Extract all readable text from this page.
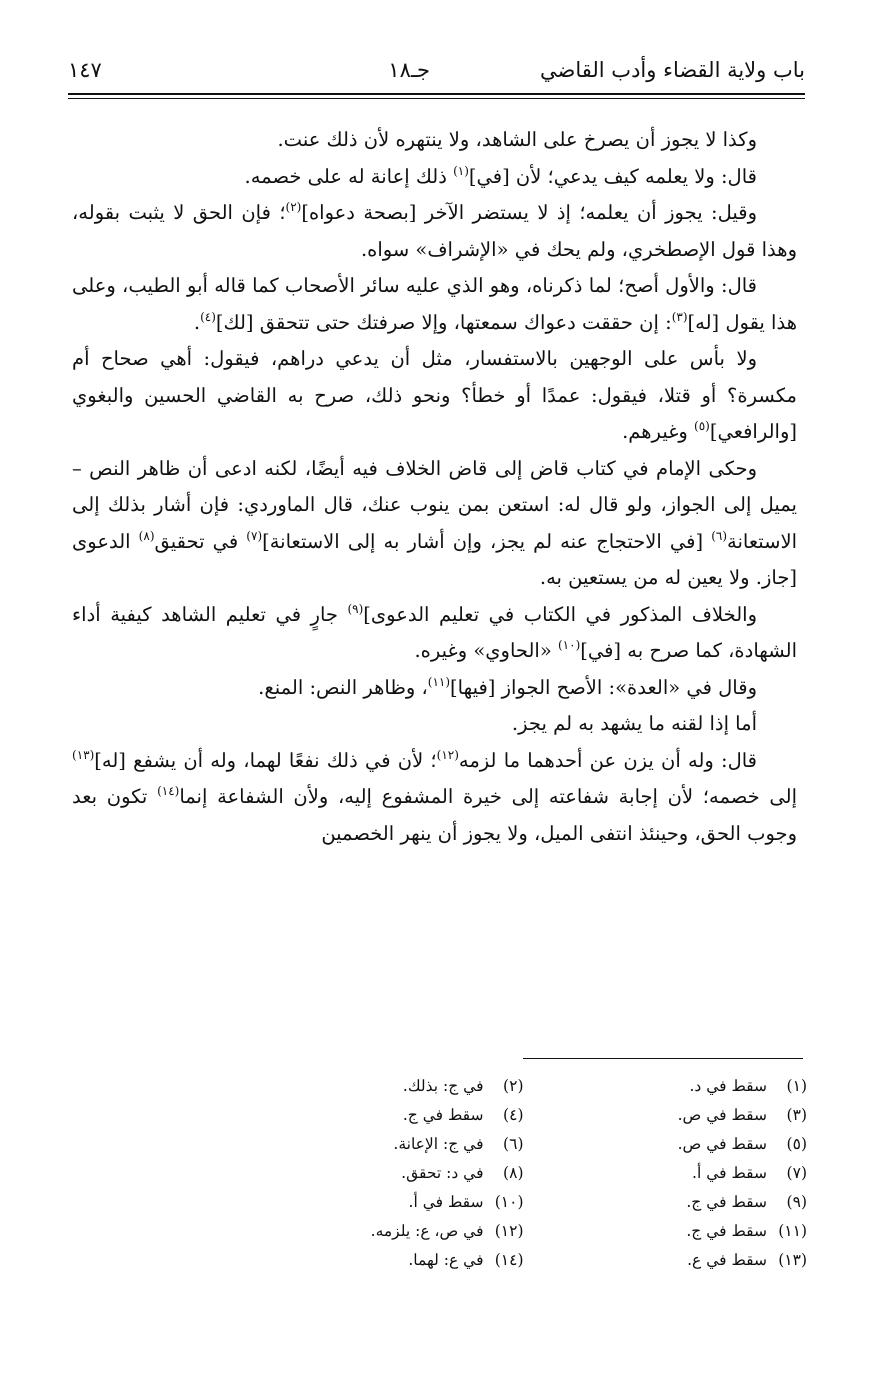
باب ولاية القضاء وأدب القاضي
جـ١٨
١٤٧

وكذا لا يجوز أن يصرخ على الشاهد، ولا ينتهره لأن ذلك عنت.

قال: ولا يعلمه كيف يدعي؛ لأن [في]$^{(١)}$ ذلك إعانة له على خصمه.

وقيل: يجوز أن يعلمه؛ إذ لا يستضر الآخر [بصحة دعواه]$^{(٢)}$؛ فإن الحق لا يثبت بقوله، وهذا قول الإصطخري، ولم يحك في «الإشراف» سواه.

قال: والأول أصح؛ لما ذكرناه، وهو الذي عليه سائر الأصحاب كما قاله أبو الطيب، وعلى هذا يقول [له]$^{(٣)}$: إن حققت دعواك سمعتها، وإلا صرفتك حتى تتحقق [لك]$^{(٤)}$.

ولا بأس على الوجهين بالاستفسار، مثل أن يدعي دراهم، فيقول: أهي صحاح أم مكسرة؟ أو قتلا، فيقول: عمدًا أو خطأ؟ ونحو ذلك، صرح به القاضي الحسين والبغوي [والرافعي]$^{(٥)}$ وغيرهم.

وحكى الإمام في كتاب قاض إلى قاض الخلاف فيه أيضًا، لكنه ادعى أن ظاهر النص – يميل إلى الجواز، ولو قال له: استعن بمن ينوب عنك، قال الماوردي: فإن أشار بذلك إلى الاستعانة$^{(٦)}$ [في الاحتجاج عنه لم يجز، وإن أشار به إلى الاستعانة]$^{(٧)}$ في تحقيق$^{(٨)}$ الدعوى [جاز. ولا يعين له من يستعين به.

والخلاف المذكور في الكتاب في تعليم الدعوى]$^{(٩)}$ جارٍ في تعليم الشاهد كيفية أداء الشهادة، كما صرح به [في]$^{(١٠)}$ «الحاوي» وغيره.

وقال في «العدة»: الأصح الجواز [فيها]$^{(١١)}$، وظاهر النص: المنع.

أما إذا لقنه ما يشهد به لم يجز.

قال: وله أن يزن عن أحدهما ما لزمه$^{(١٢)}$؛ لأن في ذلك نفعًا لهما، وله أن يشفع [له]$^{(١٣)}$ إلى خصمه؛ لأن إجابة شفاعته إلى خيرة المشفوع إليه، ولأن الشفاعة إنما$^{(١٤)}$ تكون بعد وجوب الحق، وحينئذ انتفى الميل، ولا يجوز أن ينهر الخصمين

(١)سقط في د.
(٢)في ج: بذلك.
(٣)سقط في ص.
(٤)سقط في ج.
(٥)سقط في ص.
(٦)في ج: الإعانة.
(٧)سقط في أ.
(٨)في د: تحقق.
(٩)سقط في ج.
(١٠)سقط في أ.
(١١)سقط في ج.
(١٢)في ص، ع: يلزمه.
(١٣)سقط في ع.
(١٤)في ع: لهما.
